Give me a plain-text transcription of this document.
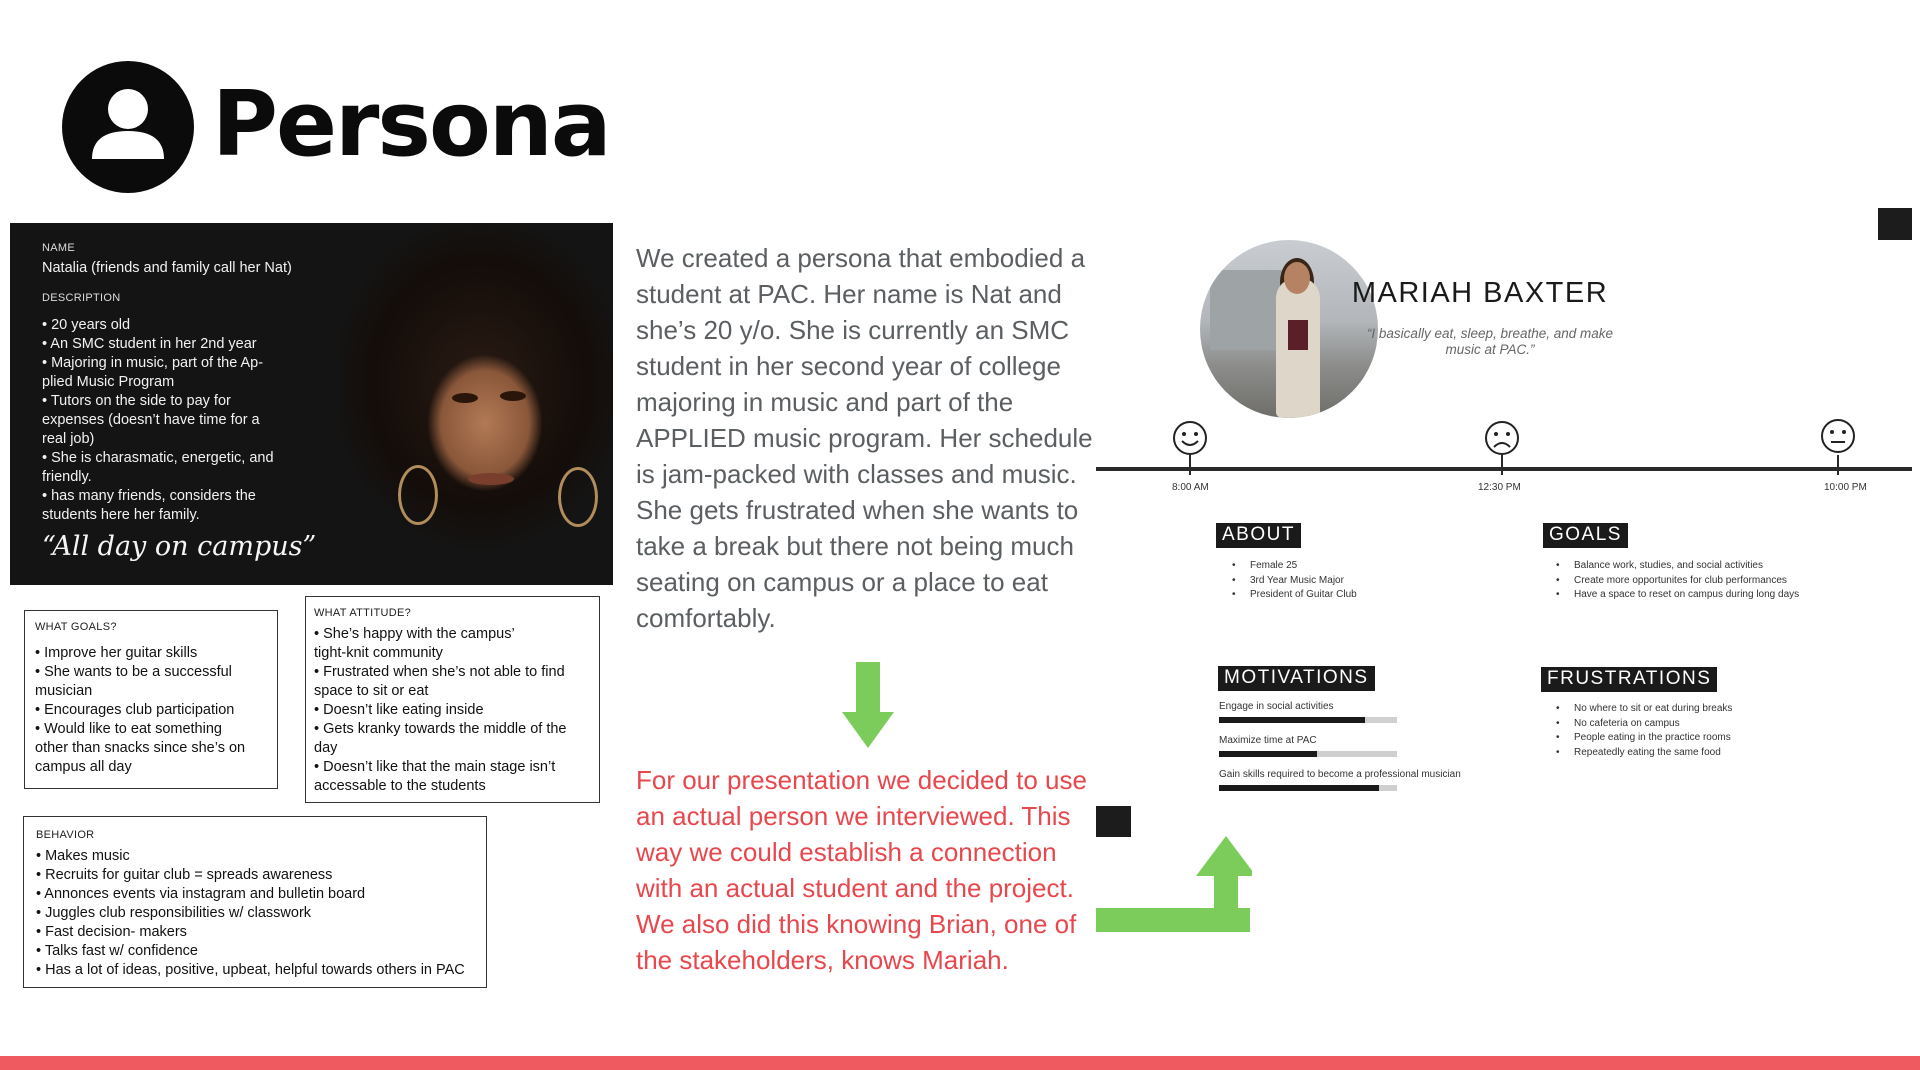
Persona
NAME
Natalia (friends and family call her Nat)
DESCRIPTION
• 20 years old
• An SMC student in her 2nd year
• Majoring in music, part of the Ap-
plied Music Program
• Tutors on the side to pay for
expenses (doesn’t have time for a
real job)
• She is charasmatic, energetic, and
friendly.
• has many friends, considers the
students here her family.
“All day on campus”
WHAT GOALS?
• Improve her guitar skills
• She wants to be a successful
musician
• Encourages club participation
• Would like to eat something
other than snacks since she’s on
campus all day
WHAT ATTITUDE?
• She’s happy with the campus’
tight-knit community
• Frustrated when she’s not able to find
space to sit or eat
• Doesn’t like eating inside
• Gets kranky towards the middle of the
day
• Doesn’t like that the main stage isn’t
accessable to the students
BEHAVIOR
• Makes music
• Recruits for guitar club = spreads awareness
• Annonces events via instagram and bulletin board
• Juggles club responsibilities w/ classwork
• Fast decision- makers
• Talks fast w/ confidence
• Has a lot of ideas, positive, upbeat, helpful towards others in PAC
We created a persona that embodied a student at PAC. Her name is Nat and she’s 20 y/o. She is currently an SMC student in her second year of college majoring in music and part of the APPLIED music program. Her schedule is jam-packed with classes and music. She gets frustrated when she wants to take a break but there not being much seating on campus or a place to eat comfortably.
For our presentation we decided to use an actual person we interviewed. This way we could establish a connection with an actual student and the project. We also did this knowing Brian, one of the stakeholders, knows Mariah.
MARIAH BAXTER
“I basically eat, sleep, breathe, and make music at PAC.”
8:00 AM	12:30 PM	10:00 PM
ABOUT
• Female 25
• 3rd Year Music Major
• President of Guitar Club
GOALS
• Balance work, studies, and social activities
• Create more opportunites for club performances
• Have a space to reset on campus during long days
MOTIVATIONS
Engage in social activities
Maximize time at PAC
Gain skills required to become a professional musician
FRUSTRATIONS
• No where to sit or eat during breaks
• No cafeteria on campus
• People eating in the practice rooms
• Repeatedly eating the same food
